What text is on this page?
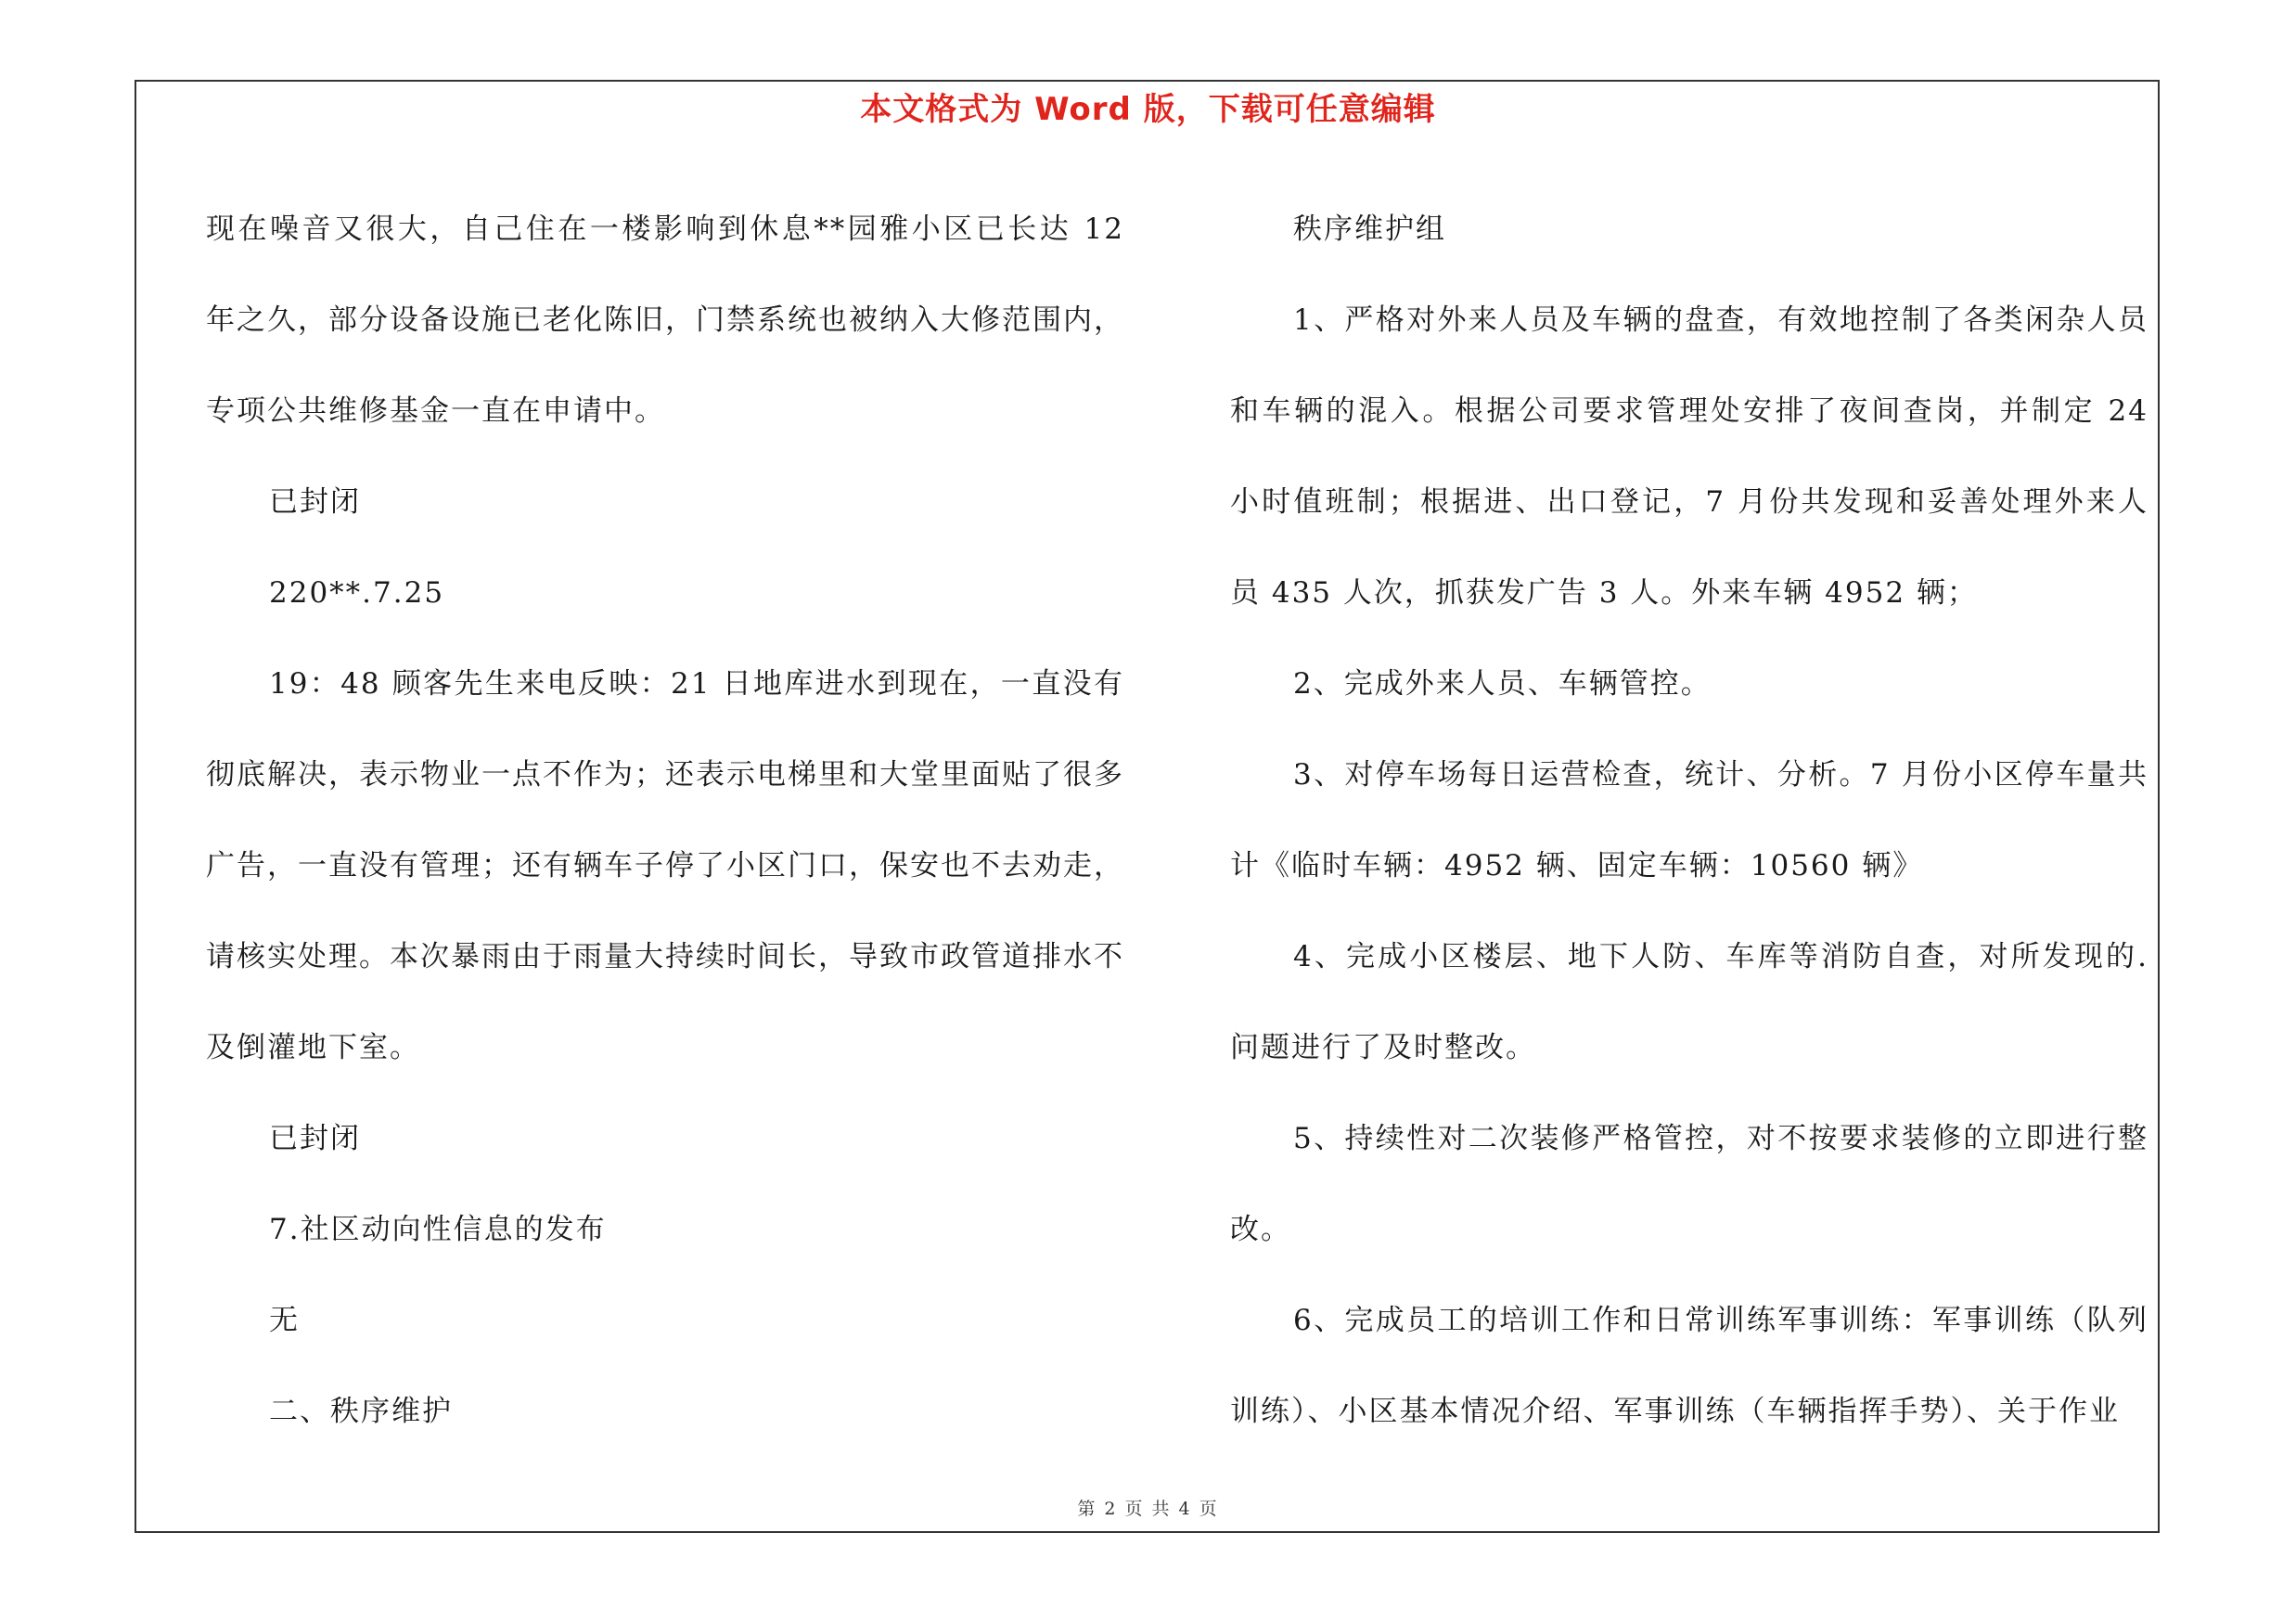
本文格式为 Word 版，下载可任意编辑

现在噪音又很大，自己住在一楼影响到休息**园雅小区已长达 12 年之久，部分设备设施已老化陈旧，门禁系统也被纳入大修范围内，专项公共维修基金一直在申请中。

已封闭

220**.7.25

19：48 顾客先生来电反映：21 日地库进水到现在，一直没有彻底解决，表示物业一点不作为；还表示电梯里和大堂里面贴了很多广告，一直没有管理；还有辆车子停了小区门口，保安也不去劝走，请核实处理。本次暴雨由于雨量大持续时间长，导致市政管道排水不及倒灌地下室。

已封闭

7.社区动向性信息的发布

无

二、秩序维护

秩序维护组

1、严格对外来人员及车辆的盘查，有效地控制了各类闲杂人员和车辆的混入。根据公司要求管理处安排了夜间查岗，并制定 24 小时值班制；根据进、出口登记，7 月份共发现和妥善处理外来人员 435 人次，抓获发广告 3 人。外来车辆 4952 辆；

2、完成外来人员、车辆管控。

3、对停车场每日运营检查，统计、分析。7 月份小区停车量共计《临时车辆：4952 辆、固定车辆：10560 辆》

4、完成小区楼层、地下人防、车库等消防自查，对所发现的.问题进行了及时整改。

5、持续性对二次装修严格管控，对不按要求装修的立即进行整改。

6、完成员工的培训工作和日常训练军事训练：军事训练（队列训练）、小区基本情况介绍、军事训练（车辆指挥手势）、关于作业

第 2 页 共 4 页
